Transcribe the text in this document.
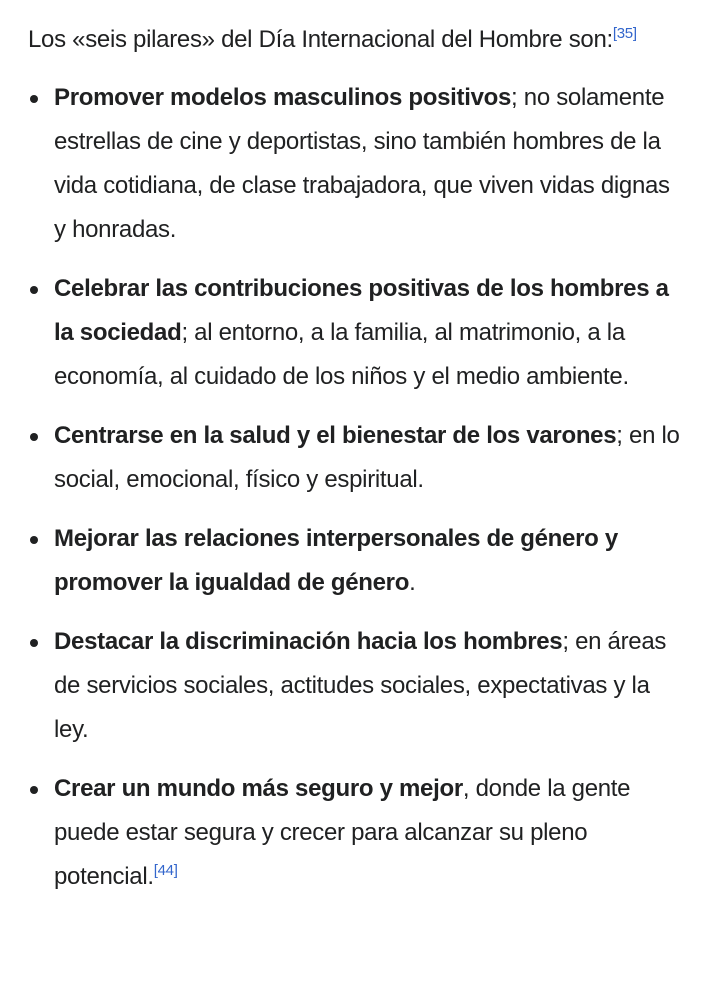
Los «seis pilares» del Día Internacional del Hombre son:[35]

Promover modelos masculinos positivos; no solamente estrellas de cine y deportistas, sino también hombres de la vida cotidiana, de clase trabajadora, que viven vidas dignas y honradas.
Celebrar las contribuciones positivas de los hombres a la sociedad; al entorno, a la familia, al matrimonio, a la economía, al cuidado de los niños y el medio ambiente.
Centrarse en la salud y el bienestar de los varones; en lo social, emocional, físico y espiritual.
Mejorar las relaciones interpersonales de género y promover la igualdad de género.
Destacar la discriminación hacia los hombres; en áreas de servicios sociales, actitudes sociales, expectativas y la ley.
Crear un mundo más seguro y mejor, donde la gente puede estar segura y crecer para alcanzar su pleno potencial.[44]
